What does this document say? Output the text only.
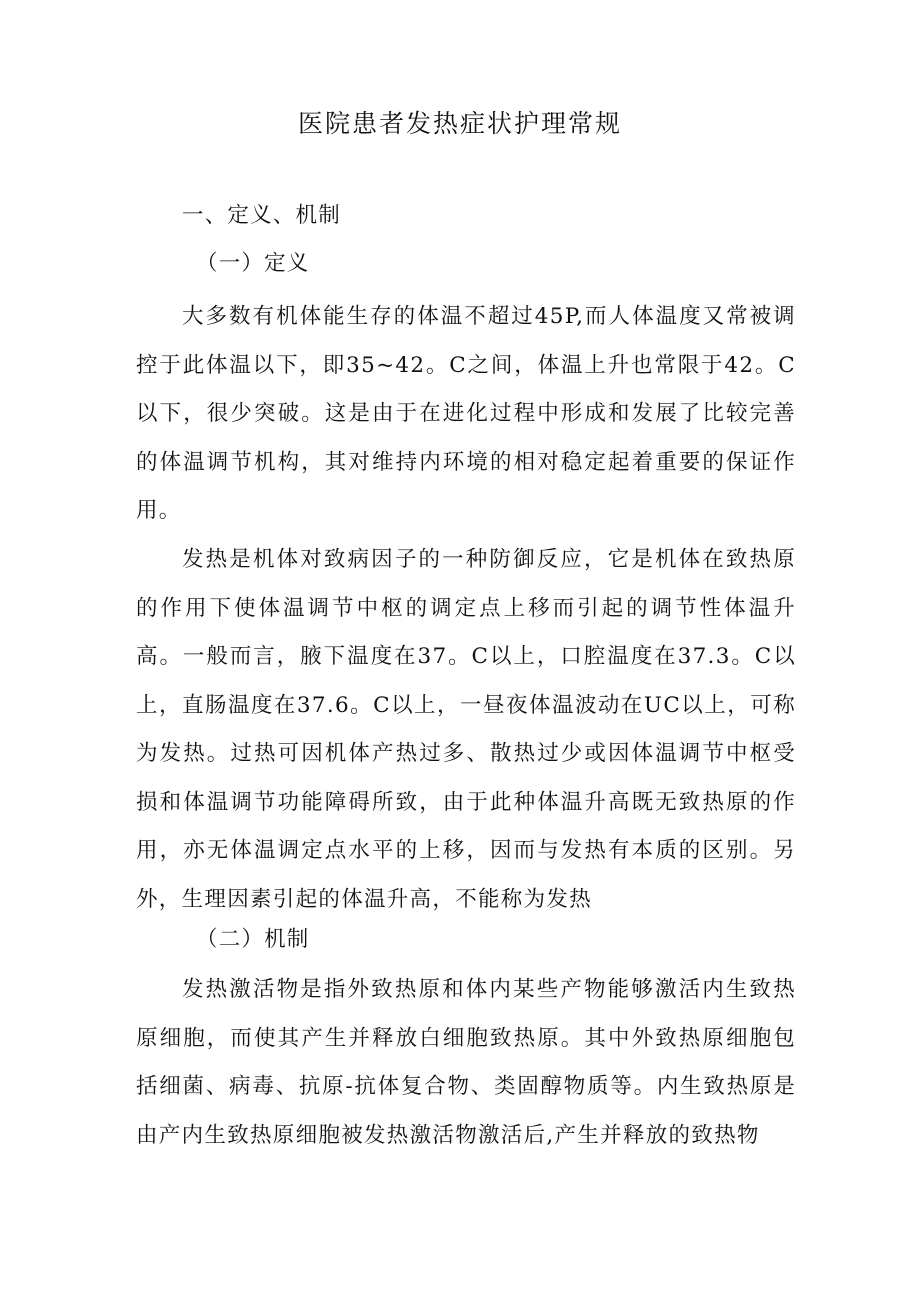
医院患者发热症状护理常规
一、定义、机制
（一）定义

大多数有机体能生存的体温不超过45P,而人体温度又常被调控于此体温以下，即35~42。C之间，体温上升也常限于42。C以下，很少突破。这是由于在进化过程中形成和发展了比较完善的体温调节机构，其对维持内环境的相对稳定起着重要的保证作用。

发热是机体对致病因子的一种防御反应，它是机体在致热原的作用下使体温调节中枢的调定点上移而引起的调节性体温升高。一般而言，腋下温度在37。C以上，口腔温度在37.3。C以上，直肠温度在37.6。C以上，一昼夜体温波动在UC以上，可称为发热。过热可因机体产热过多、散热过少或因体温调节中枢受损和体温调节功能障碍所致，由于此种体温升高既无致热原的作用，亦无体温调定点水平的上移，因而与发热有本质的区别。另外，生理因素引起的体温升高，不能称为发热

（二）机制

发热激活物是指外致热原和体内某些产物能够激活内生致热原细胞，而使其产生并释放白细胞致热原。其中外致热原细胞包括细菌、病毒、抗原-抗体复合物、类固醇物质等。内生致热原是由产内生致热原细胞被发热激活物激活后,产生并释放的致热物
